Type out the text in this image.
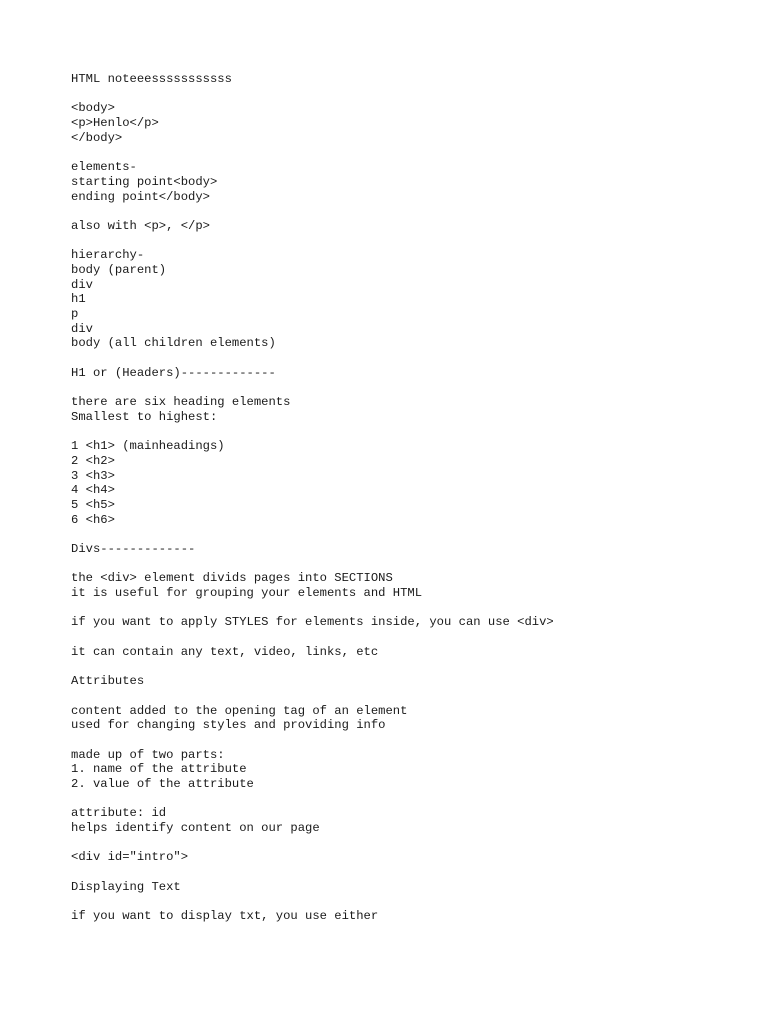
HTML noteeesssssssssss
<body>
<p>Henlo</p>
</body>
elements-
starting point<body>
ending point</body>
also with <p>, </p>
hierarchy-
body (parent)
div
h1
p
div
body (all children elements)
H1 or (Headers)-------------
there are six heading elements
Smallest to highest:
1 <h1> (mainheadings)
2 <h2>
3 <h3>
4 <h4>
5 <h5>
6 <h6>
Divs-------------
the <div> element divids pages into SECTIONS
it is useful for grouping your elements and HTML
if you want to apply STYLES for elements inside, you can use <div>
it can contain any text, video, links, etc
Attributes
content added to the opening tag of an element
used for changing styles and providing info
made up of two parts:
1. name of the attribute
2. value of the attribute
attribute: id
helps identify content on our page
<div id="intro">
Displaying Text
if you want to display txt, you use either
